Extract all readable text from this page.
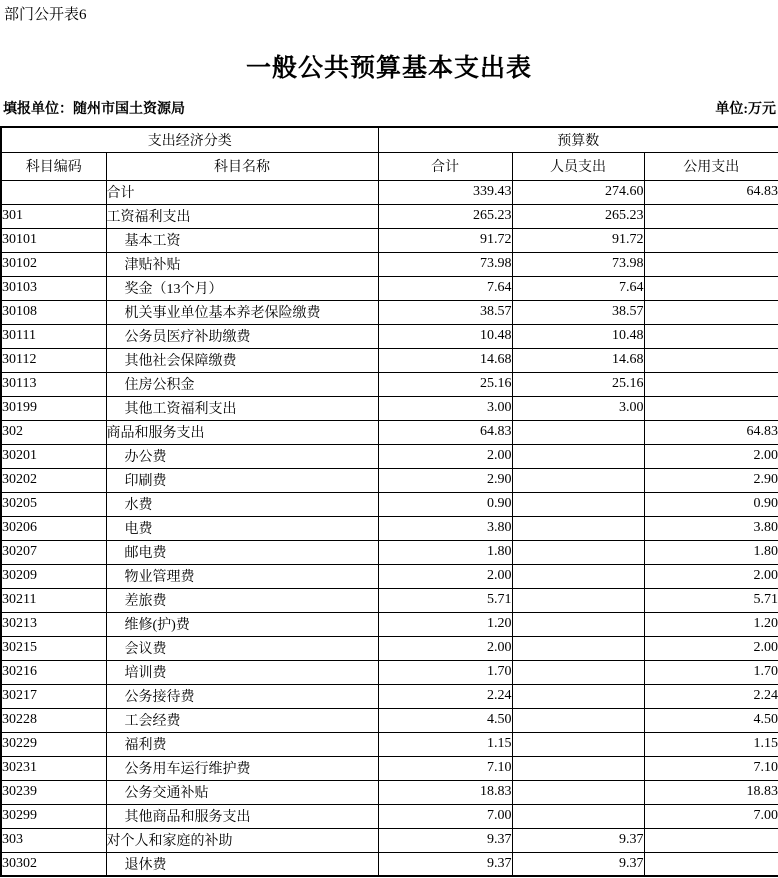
部门公开表6
一般公共预算基本支出表
填报单位：随州市国土资源局	单位:万元
支出经济分类		预算数		
科目编码	科目名称	合计	人员支出	公用支出
	合计	339.43	274.60	64.83
301	工资福利支出	265.23	265.23	
30101	基本工资	91.72	91.72	
30102	津贴补贴	73.98	73.98	
30103	奖金（13个月）	7.64	7.64	
30108	机关事业单位基本养老保险缴费	38.57	38.57	
30111	公务员医疗补助缴费	10.48	10.48	
30112	其他社会保障缴费	14.68	14.68	
30113	住房公积金	25.16	25.16	
30199	其他工资福利支出	3.00	3.00	
302	商品和服务支出	64.83		64.83
30201	办公费	2.00		2.00
30202	印刷费	2.90		2.90
30205	水费	0.90		0.90
30206	电费	3.80		3.80
30207	邮电费	1.80		1.80
30209	物业管理费	2.00		2.00
30211	差旅费	5.71		5.71
30213	维修(护)费	1.20		1.20
30215	会议费	2.00		2.00
30216	培训费	1.70		1.70
30217	公务接待费	2.24		2.24
30228	工会经费	4.50		4.50
30229	福利费	1.15		1.15
30231	公务用车运行维护费	7.10		7.10
30239	公务交通补贴	18.83		18.83
30299	其他商品和服务支出	7.00		7.00
303	对个人和家庭的补助	9.37	9.37	
30302	退休费	9.37	9.37	
